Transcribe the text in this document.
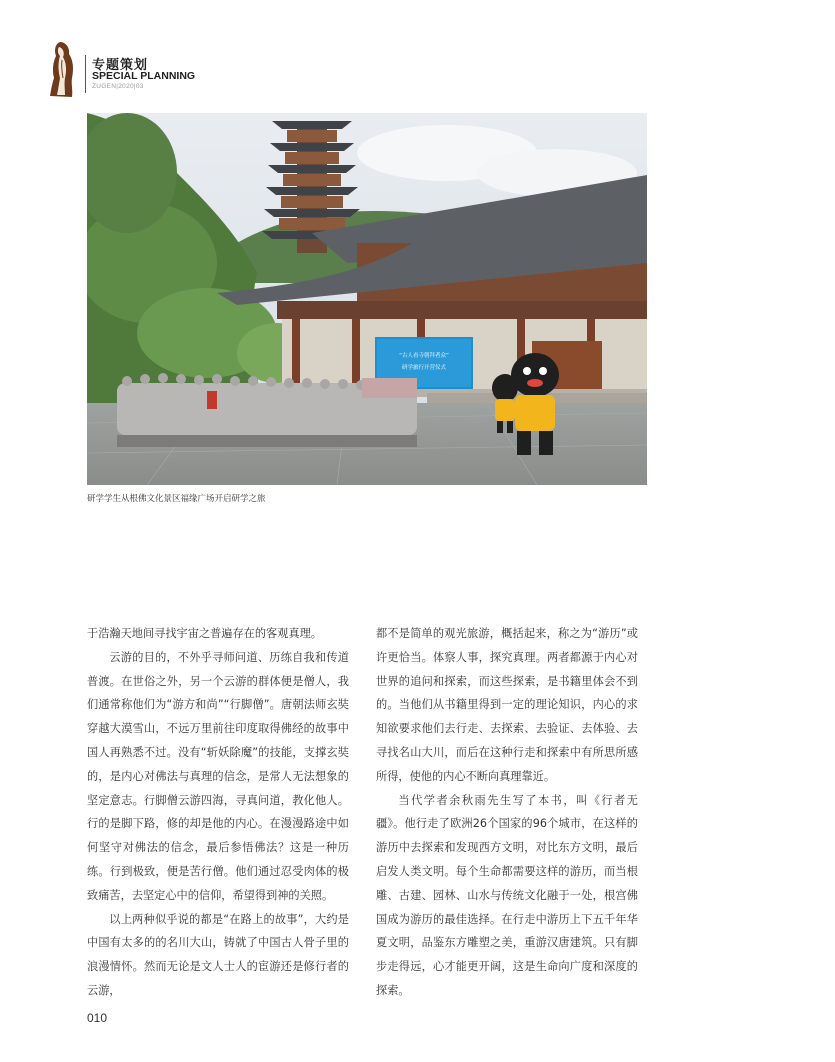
专题策划
SPECIAL PLANNING
ZUGEN|2020|03
“古人看寺朝拜者众”
研学旅行开营仪式
研学学生从根佛文化景区福缘广场开启研学之旅

于浩瀚天地间寻找宇宙之普遍存在的客观真理。

云游的目的，不外乎寻师问道、历练自我和传道普渡。在世俗之外，另一个云游的群体便是僧人，我们通常称他们为“游方和尚”“行脚僧”。唐朝法师玄奘穿越大漠雪山，不远万里前往印度取得佛经的故事中国人再熟悉不过。没有“斩妖除魔”的技能，支撑玄奘的，是内心对佛法与真理的信念，是常人无法想象的坚定意志。行脚僧云游四海，寻真问道，教化他人。行的是脚下路，修的却是他的内心。在漫漫路途中如何坚守对佛法的信念，最后参悟佛法？这是一种历练。行到极致，便是苦行僧。他们通过忍受肉体的极致痛苦，去坚定心中的信仰，希望得到神的关照。

以上两种似乎说的都是“在路上的故事”，大约是中国有太多的的名川大山，铸就了中国古人骨子里的浪漫情怀。然而无论是文人士人的宦游还是修行者的云游，

都不是简单的观光旅游，概括起来，称之为“游历”或许更恰当。体察人事，探究真理。两者都源于内心对世界的追问和探索，而这些探索，是书籍里体会不到的。当他们从书籍里得到一定的理论知识，内心的求知欲要求他们去行走、去探索、去验证、去体验、去寻找名山大川，而后在这种行走和探索中有所思所感所得，使他的内心不断向真理靠近。

当代学者余秋雨先生写了本书，叫《行者无疆》。他行走了欧洲26个国家的96个城市，在这样的游历中去探索和发现西方文明，对比东方文明，最后启发人类文明。每个生命都需要这样的游历，而当根雕、古建、园林、山水与传统文化融于一处，根宫佛国成为游历的最佳选择。在行走中游历上下五千年华夏文明，品鉴东方雕塑之美，重游汉唐建筑。只有脚步走得远，心才能更开阔，这是生命向广度和深度的探索。

010
